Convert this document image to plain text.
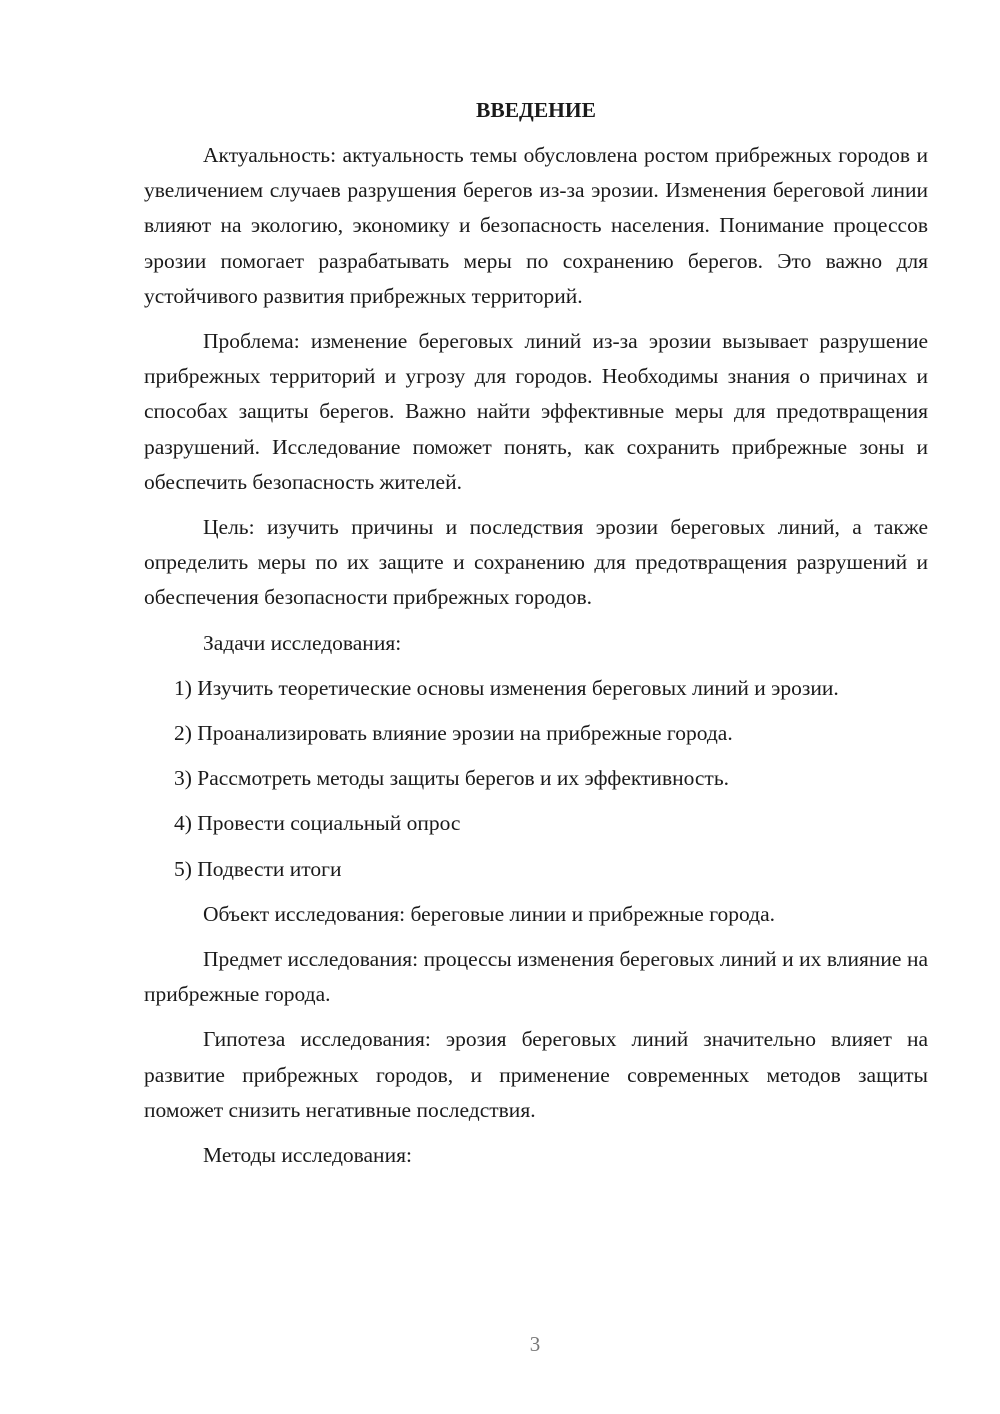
ВВЕДЕНИЕ

Актуальность: актуальность темы обусловлена ростом прибрежных городов и увеличением случаев разрушения берегов из-за эрозии. Изменения береговой линии влияют на экологию, экономику и безопасность населения. Понимание процессов эрозии помогает разрабатывать меры по сохранению берегов. Это важно для устойчивого развития прибрежных территорий.

Проблема: изменение береговых линий из-за эрозии вызывает разрушение прибрежных территорий и угрозу для городов. Необходимы знания о причинах и способах защиты берегов. Важно найти эффективные меры для предотвращения разрушений. Исследование поможет понять, как сохранить прибрежные зоны и обеспечить безопасность жителей.

Цель: изучить причины и последствия эрозии береговых линий, а также определить меры по их защите и сохранению для предотвращения разрушений и обеспечения безопасности прибрежных городов.

Задачи исследования:

1) Изучить теоретические основы изменения береговых линий и эрозии.

2) Проанализировать влияние эрозии на прибрежные города.

3) Рассмотреть методы защиты берегов и их эффективность.

4) Провести социальный опрос

5) Подвести итоги

Объект исследования: береговые линии и прибрежные города.

Предмет исследования: процессы изменения береговых линий и их влияние на прибрежные города.

Гипотеза исследования: эрозия береговых линий значительно влияет на развитие прибрежных городов, и применение современных методов защиты поможет снизить негативные последствия.

Методы исследования:

3
